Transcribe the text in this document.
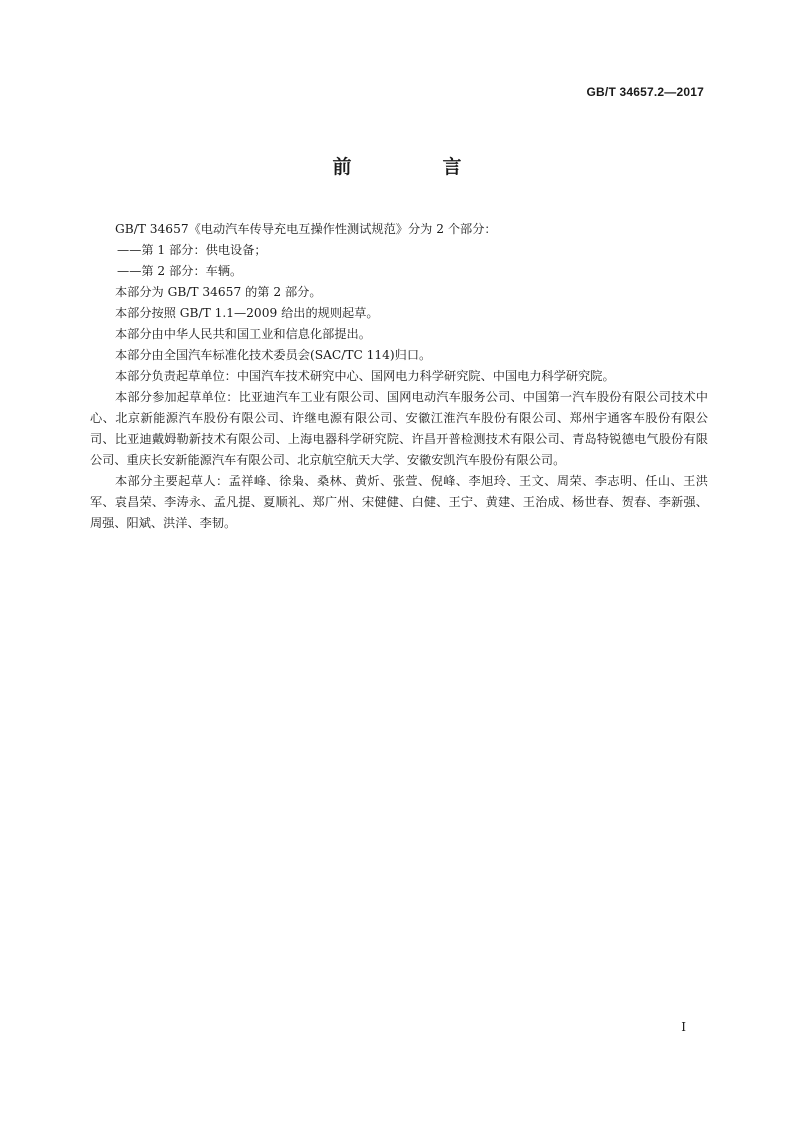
GB/T 34657.2—2017
前　言

GB/T 34657《电动汽车传导充电互操作性测试规范》分为 2 个部分：

——第 1 部分：供电设备；

——第 2 部分：车辆。

本部分为 GB/T 34657 的第 2 部分。

本部分按照 GB/T 1.1—2009 给出的规则起草。

本部分由中华人民共和国工业和信息化部提出。

本部分由全国汽车标准化技术委员会(SAC/TC 114)归口。

本部分负责起草单位：中国汽车技术研究中心、国网电力科学研究院、中国电力科学研究院。

本部分参加起草单位：比亚迪汽车工业有限公司、国网电动汽车服务公司、中国第一汽车股份有限公司技术中心、北京新能源汽车股份有限公司、许继电源有限公司、安徽江淮汽车股份有限公司、郑州宇通客车股份有限公司、比亚迪戴姆勒新技术有限公司、上海电器科学研究院、许昌开普检测技术有限公司、青岛特锐德电气股份有限公司、重庆长安新能源汽车有限公司、北京航空航天大学、安徽安凯汽车股份有限公司。

本部分主要起草人：孟祥峰、徐枭、桑林、黄炘、张萱、倪峰、李旭玲、王文、周荣、李志明、任山、王洪军、袁昌荣、李涛永、孟凡提、夏顺礼、郑广州、宋健健、白健、王宁、黄建、王治成、杨世春、贺春、李新强、周强、阳斌、洪洋、李韧。

I
